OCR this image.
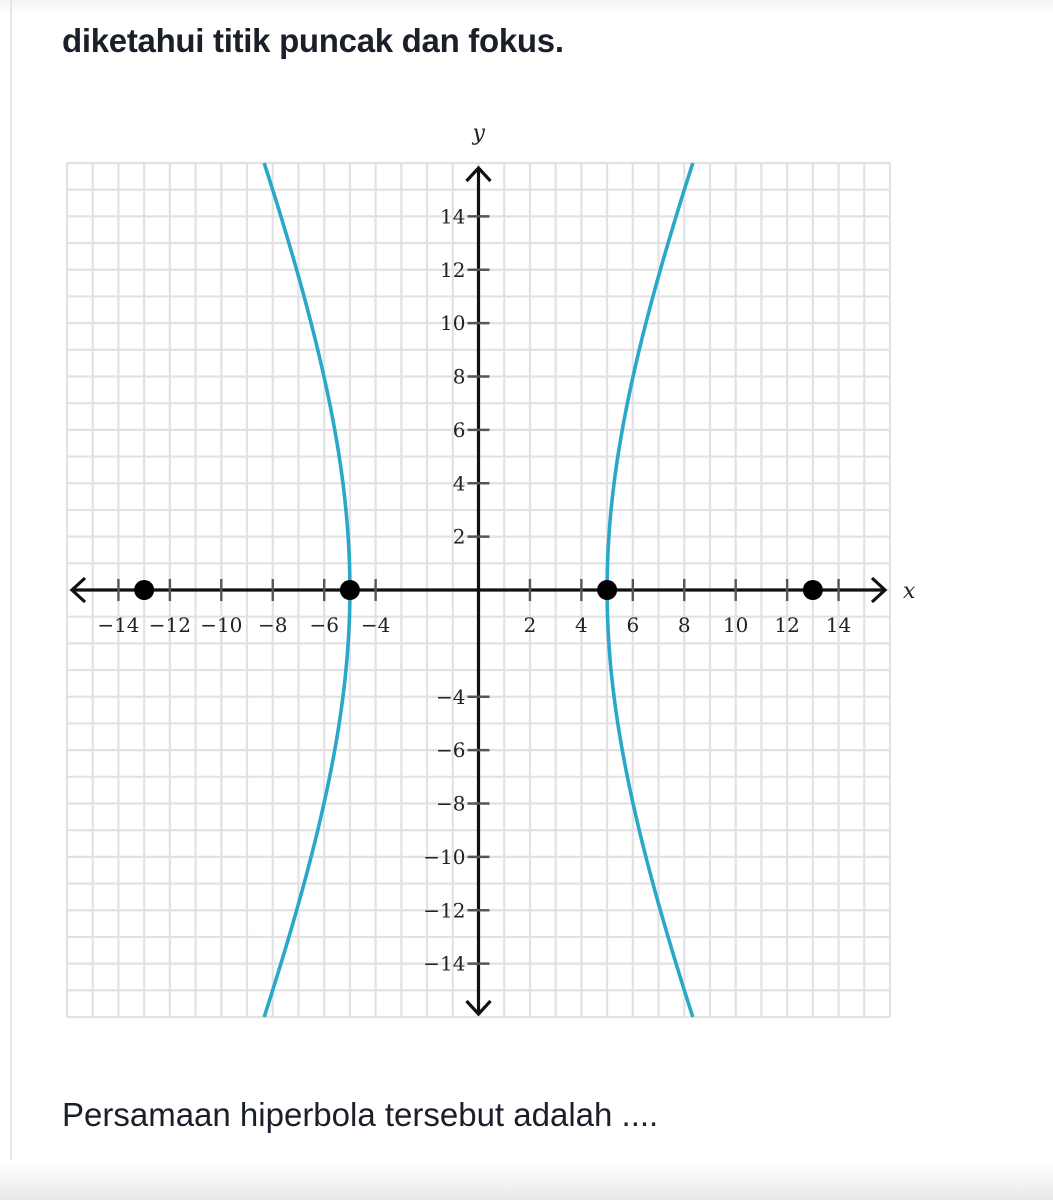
diketahui titik puncak dan fokus.
x
y
−14 −12 −10 −8 −6 −4	2 4 6 8 10 12 14
14
12
10
8
6
4
2
−4
−6
−8
−10
−12
−14
Persamaan hiperbola tersebut adalah ....
